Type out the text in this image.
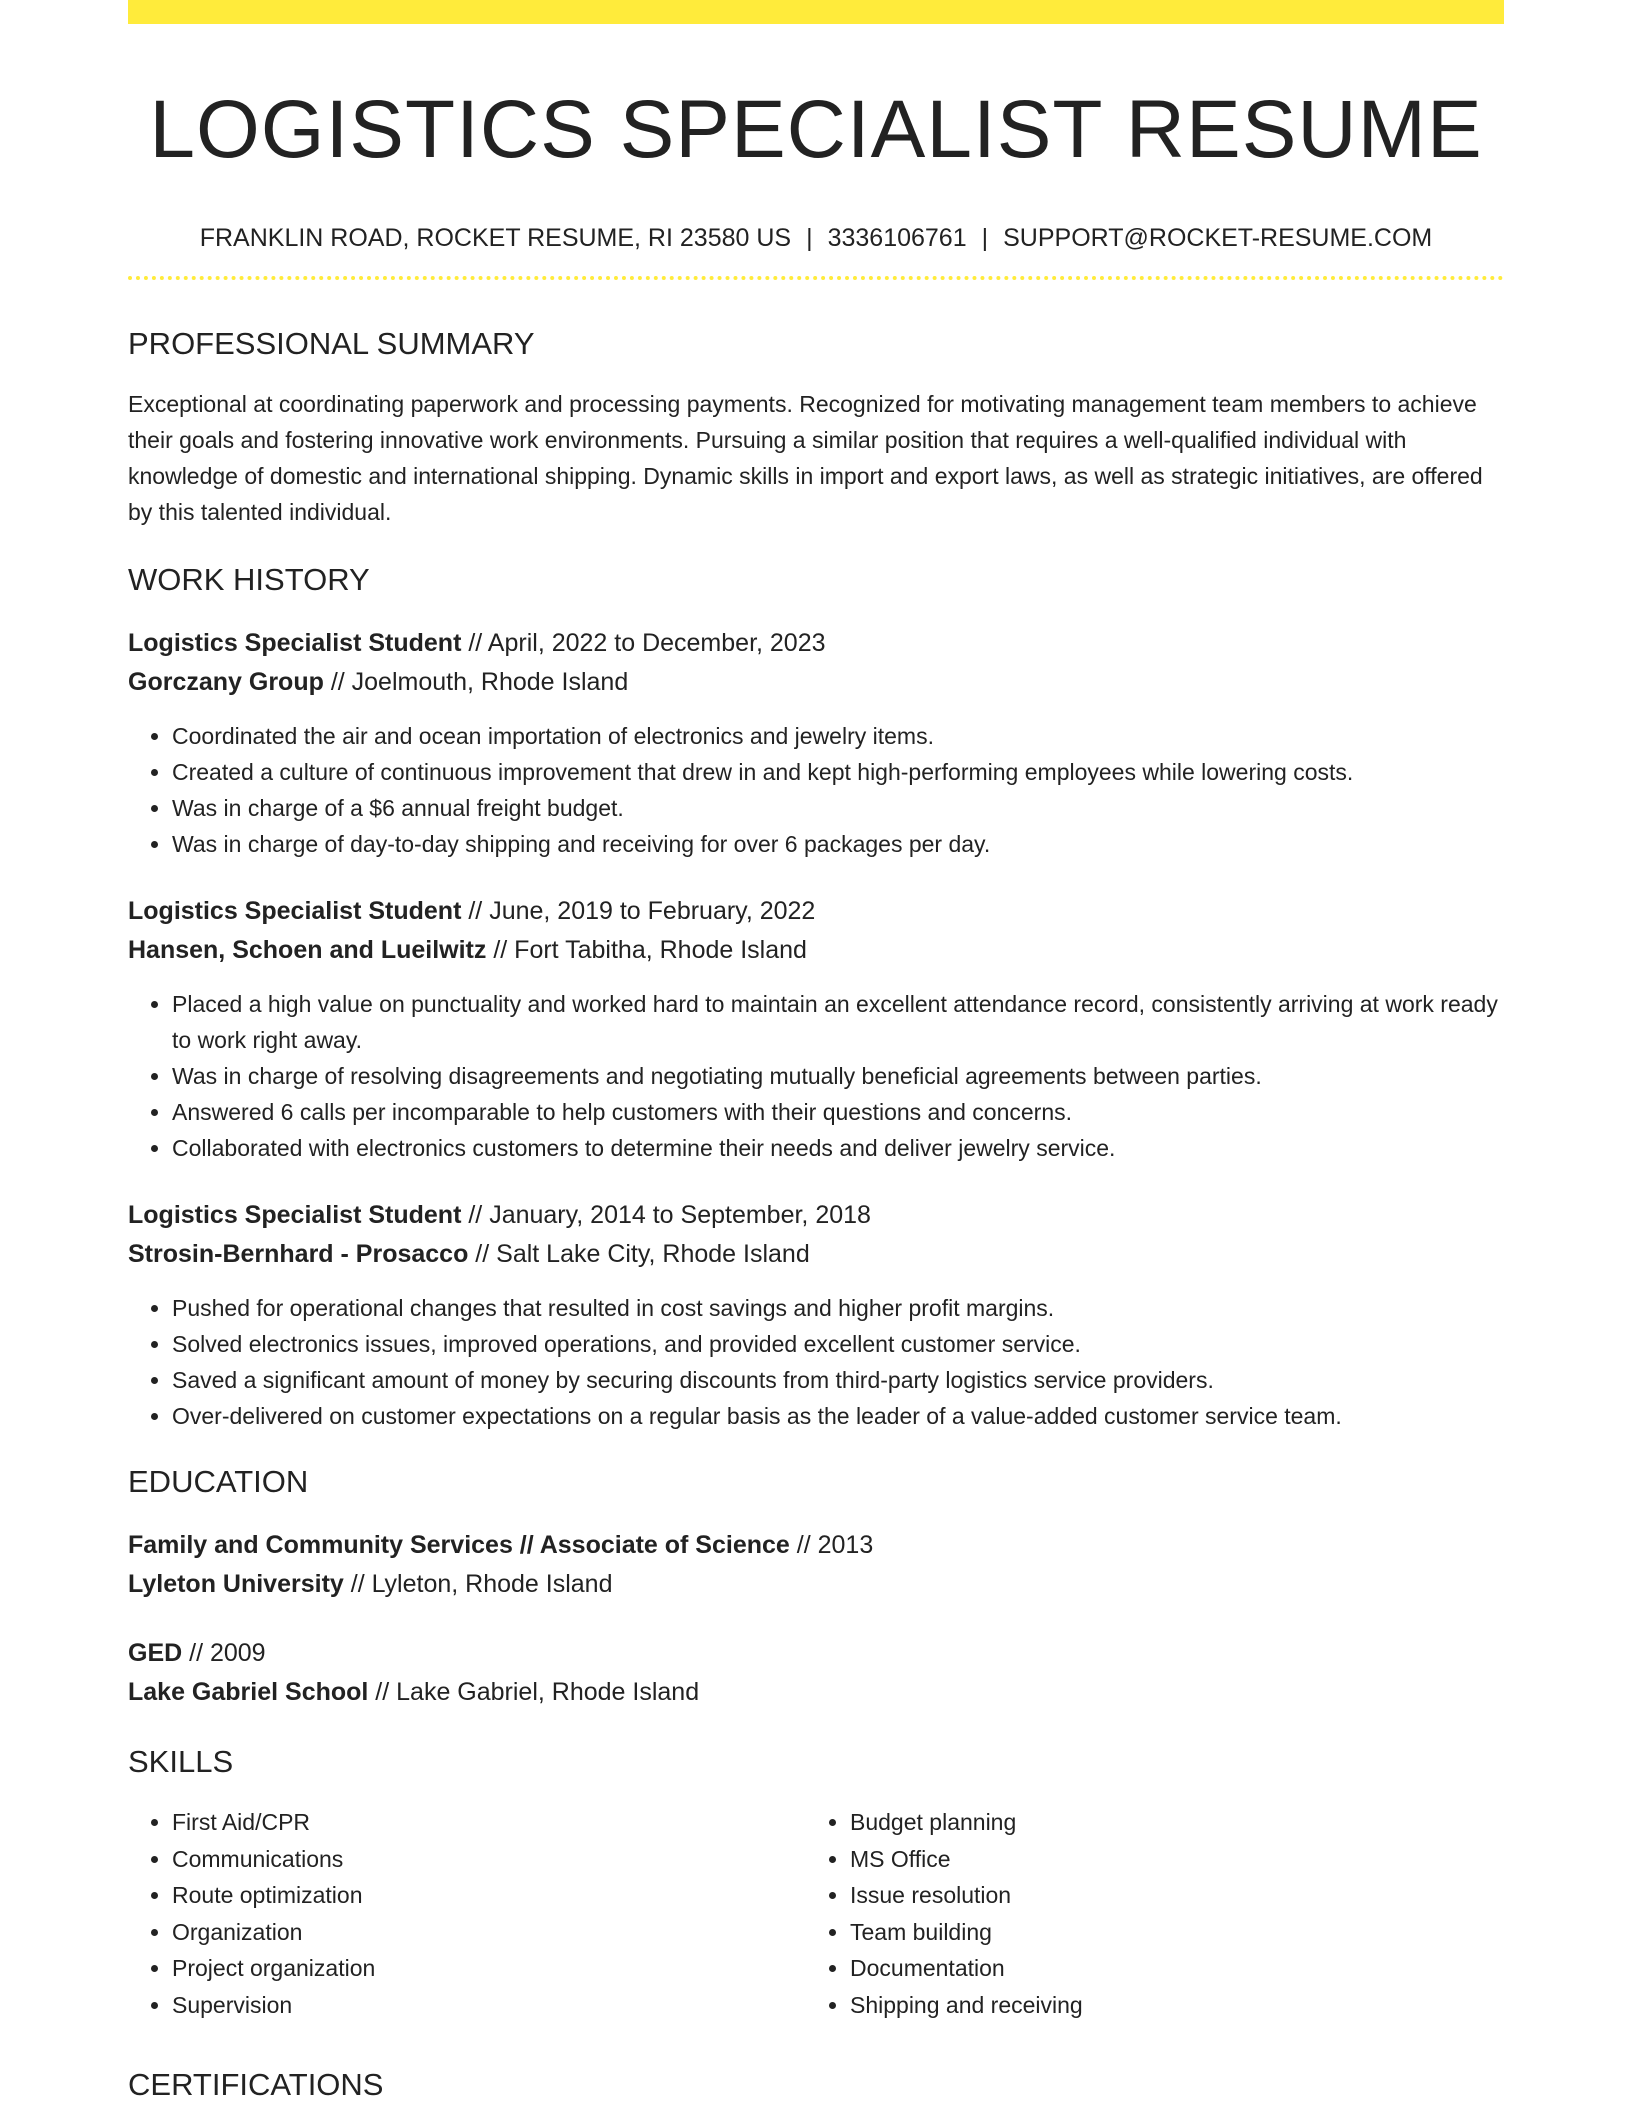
LOGISTICS SPECIALIST RESUME
FRANKLIN ROAD, ROCKET RESUME, RI 23580 US | 3336106761 | SUPPORT@ROCKET-RESUME.COM
PROFESSIONAL SUMMARY

Exceptional at coordinating paperwork and processing payments. Recognized for motivating management team members to achieve their goals and fostering innovative work environments. Pursuing a similar position that requires a well-qualified individual with knowledge of domestic and international shipping. Dynamic skills in import and export laws, as well as strategic initiatives, are offered by this talented individual.

WORK HISTORY
Logistics Specialist Student // April, 2022 to December, 2023
Gorczany Group // Joelmouth, Rhode Island
• Coordinated the air and ocean importation of electronics and jewelry items.
• Created a culture of continuous improvement that drew in and kept high-performing employees while lowering costs.
• Was in charge of a $6 annual freight budget.
• Was in charge of day-to-day shipping and receiving for over 6 packages per day.
Logistics Specialist Student // June, 2019 to February, 2022
Hansen, Schoen and Lueilwitz // Fort Tabitha, Rhode Island
• Placed a high value on punctuality and worked hard to maintain an excellent attendance record, consistently arriving at work ready to work right away.
• Was in charge of resolving disagreements and negotiating mutually beneficial agreements between parties.
• Answered 6 calls per incomparable to help customers with their questions and concerns.
• Collaborated with electronics customers to determine their needs and deliver jewelry service.
Logistics Specialist Student // January, 2014 to September, 2018
Strosin-Bernhard - Prosacco // Salt Lake City, Rhode Island
• Pushed for operational changes that resulted in cost savings and higher profit margins.
• Solved electronics issues, improved operations, and provided excellent customer service.
• Saved a significant amount of money by securing discounts from third-party logistics service providers.
• Over-delivered on customer expectations on a regular basis as the leader of a value-added customer service team.
EDUCATION
Family and Community Services // Associate of Science // 2013
Lyleton University // Lyleton, Rhode Island
GED // 2009
Lake Gabriel School // Lake Gabriel, Rhode Island
SKILLS
• First Aid/CPR
• Communications
• Route optimization
• Organization
• Project organization
• Supervision
• Budget planning
• MS Office
• Issue resolution
• Team building
• Documentation
• Shipping and receiving
CERTIFICATIONS
